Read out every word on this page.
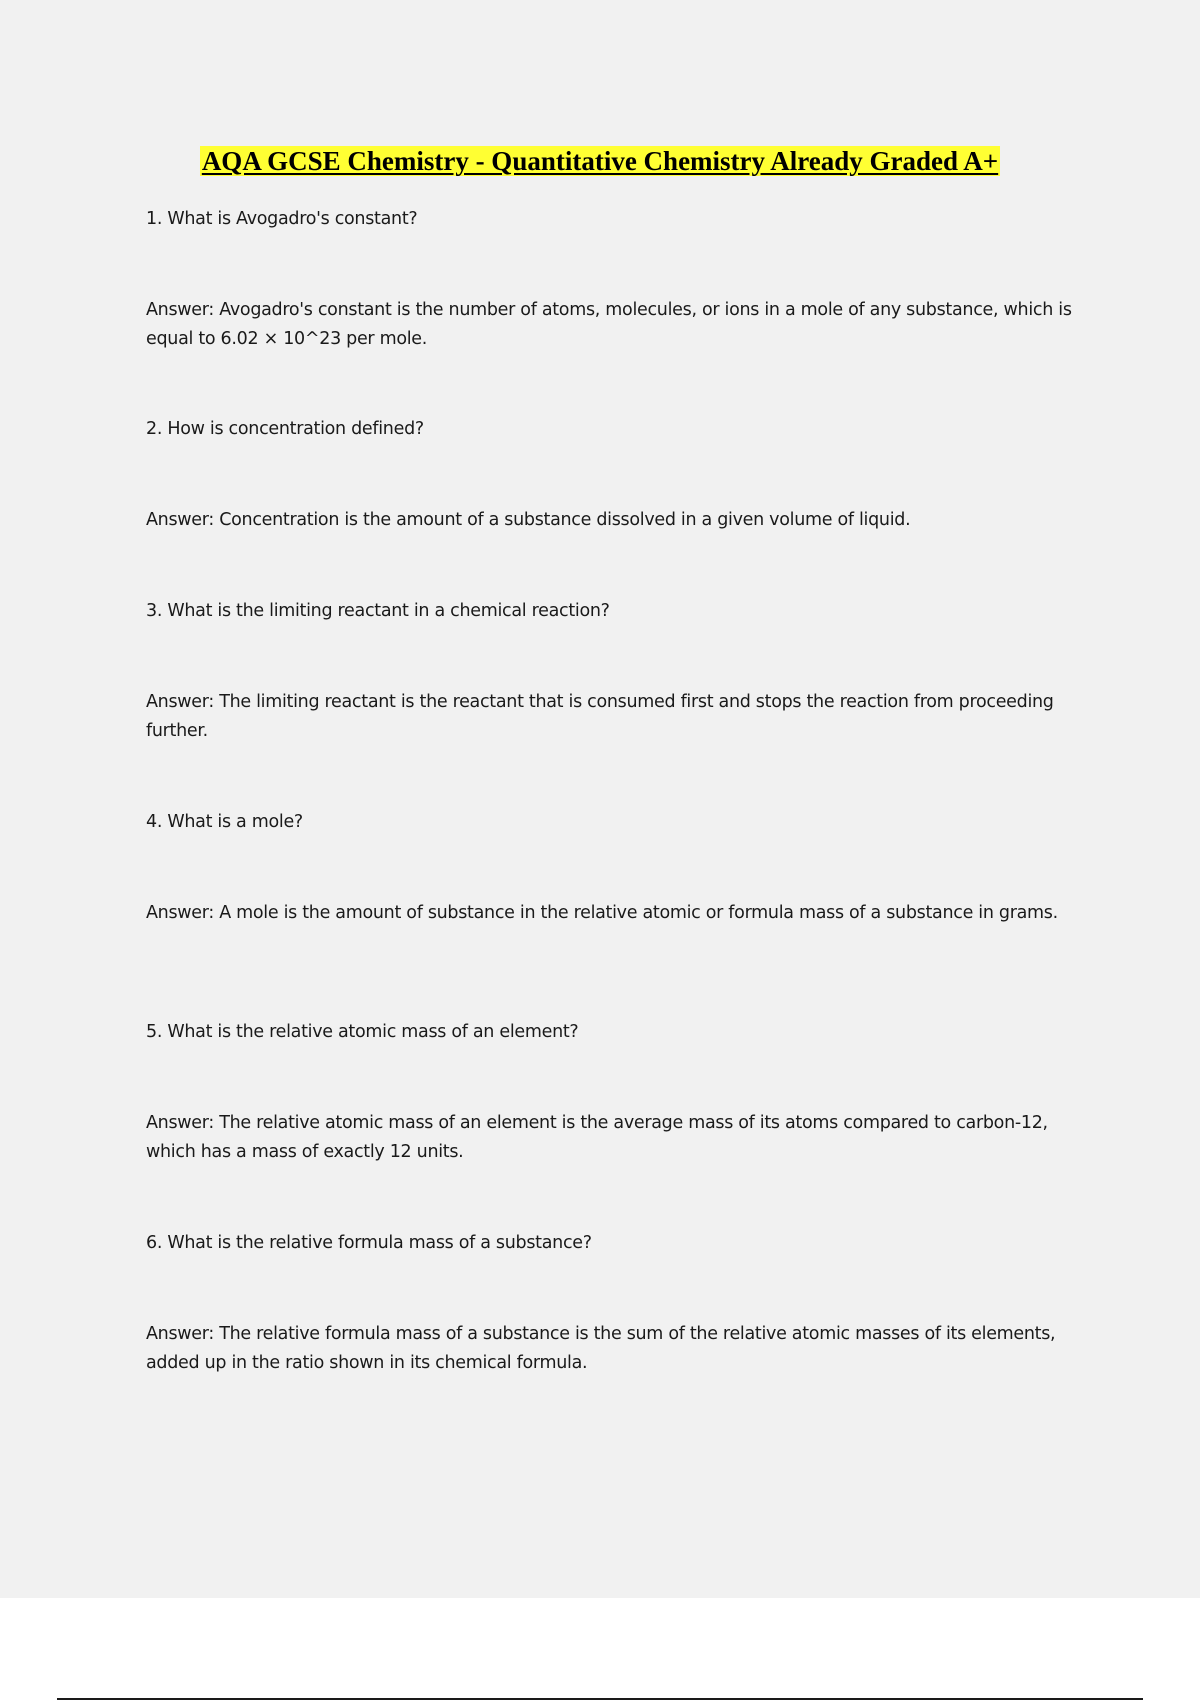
AQA GCSE Chemistry - Quantitative Chemistry Already Graded A+

1. What is Avogadro's constant?

Answer: Avogadro's constant is the number of atoms, molecules, or ions in a mole of any substance, which is equal to 6.02 × 10^23 per mole.

2. How is concentration defined?

Answer: Concentration is the amount of a substance dissolved in a given volume of liquid.

3. What is the limiting reactant in a chemical reaction?

Answer: The limiting reactant is the reactant that is consumed first and stops the reaction from proceeding further.

4. What is a mole?

Answer: A mole is the amount of substance in the relative atomic or formula mass of a substance in grams.

5. What is the relative atomic mass of an element?

Answer: The relative atomic mass of an element is the average mass of its atoms compared to carbon-12, which has a mass of exactly 12 units.

6. What is the relative formula mass of a substance?

Answer: The relative formula mass of a substance is the sum of the relative atomic masses of its elements, added up in the ratio shown in its chemical formula.
